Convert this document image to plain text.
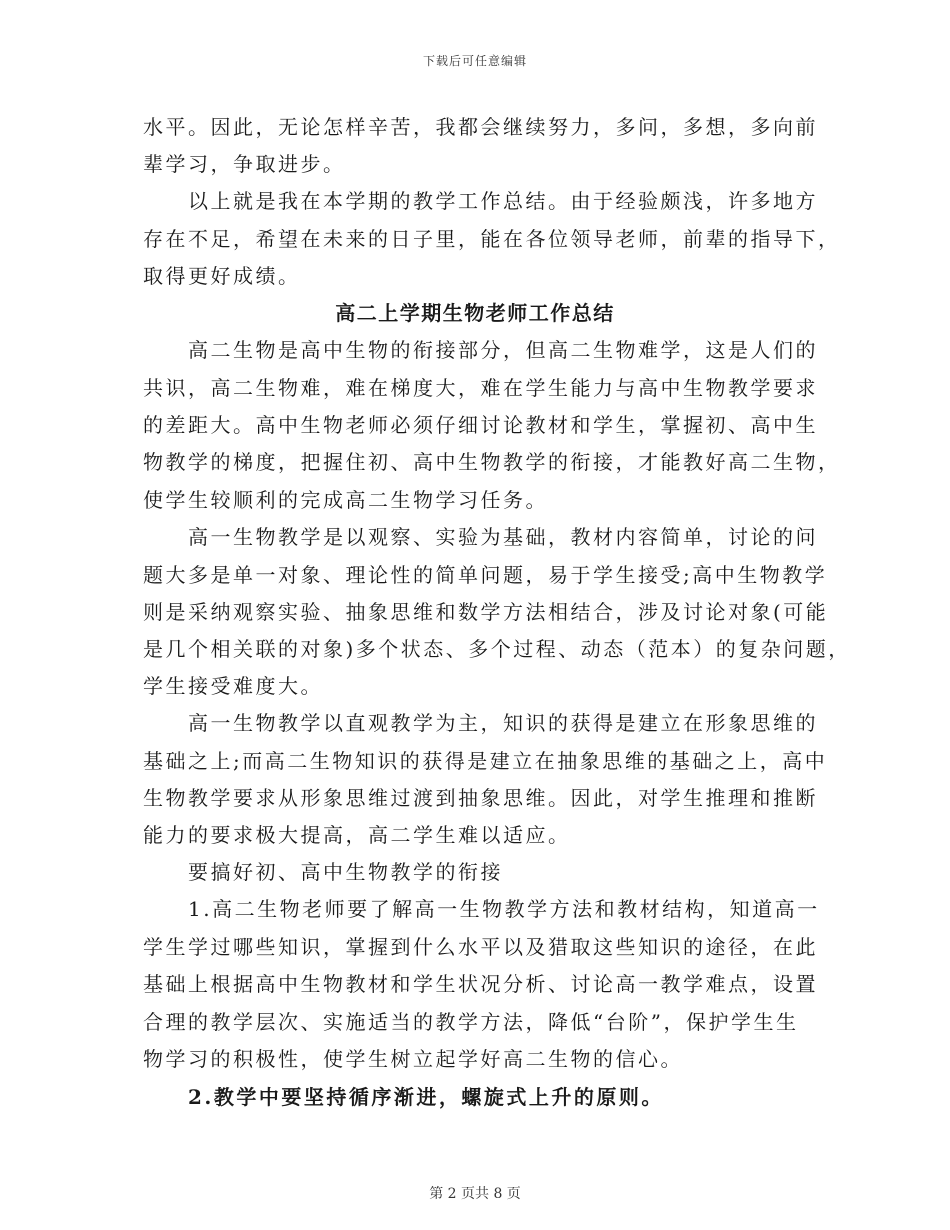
下载后可任意编辑
水平。因此，无论怎样辛苦，我都会继续努力，多问，多想，多向前
辈学习，争取进步。
以上就是我在本学期的教学工作总结。由于经验颇浅，许多地方
存在不足，希望在未来的日子里，能在各位领导老师，前辈的指导下，
取得更好成绩。
高二上学期生物老师工作总结
高二生物是高中生物的衔接部分，但高二生物难学，这是人们的
共识，高二生物难，难在梯度大，难在学生能力与高中生物教学要求
的差距大。高中生物老师必须仔细讨论教材和学生，掌握初、高中生
物教学的梯度，把握住初、高中生物教学的衔接，才能教好高二生物，
使学生较顺利的完成高二生物学习任务。
高一生物教学是以观察、实验为基础，教材内容简单，讨论的问
题大多是单一对象、理论性的简单问题，易于学生接受;高中生物教学
则是采纳观察实验、抽象思维和数学方法相结合，涉及讨论对象(可能
是几个相关联的对象)多个状态、多个过程、动态（范本）的复杂问题，
学生接受难度大。
高一生物教学以直观教学为主，知识的获得是建立在形象思维的
基础之上;而高二生物知识的获得是建立在抽象思维的基础之上，高中
生物教学要求从形象思维过渡到抽象思维。因此，对学生推理和推断
能力的要求极大提高，高二学生难以适应。
要搞好初、高中生物教学的衔接
1.高二生物老师要了解高一生物教学方法和教材结构，知道高一
学生学过哪些知识，掌握到什么水平以及猎取这些知识的途径，在此
基础上根据高中生物教材和学生状况分析、讨论高一教学难点，设置
合理的教学层次、实施适当的教学方法，降低“台阶”，保护学生生
物学习的积极性，使学生树立起学好高二生物的信心。
2.教学中要坚持循序渐进，螺旋式上升的原则。
第 2 页共 8 页
